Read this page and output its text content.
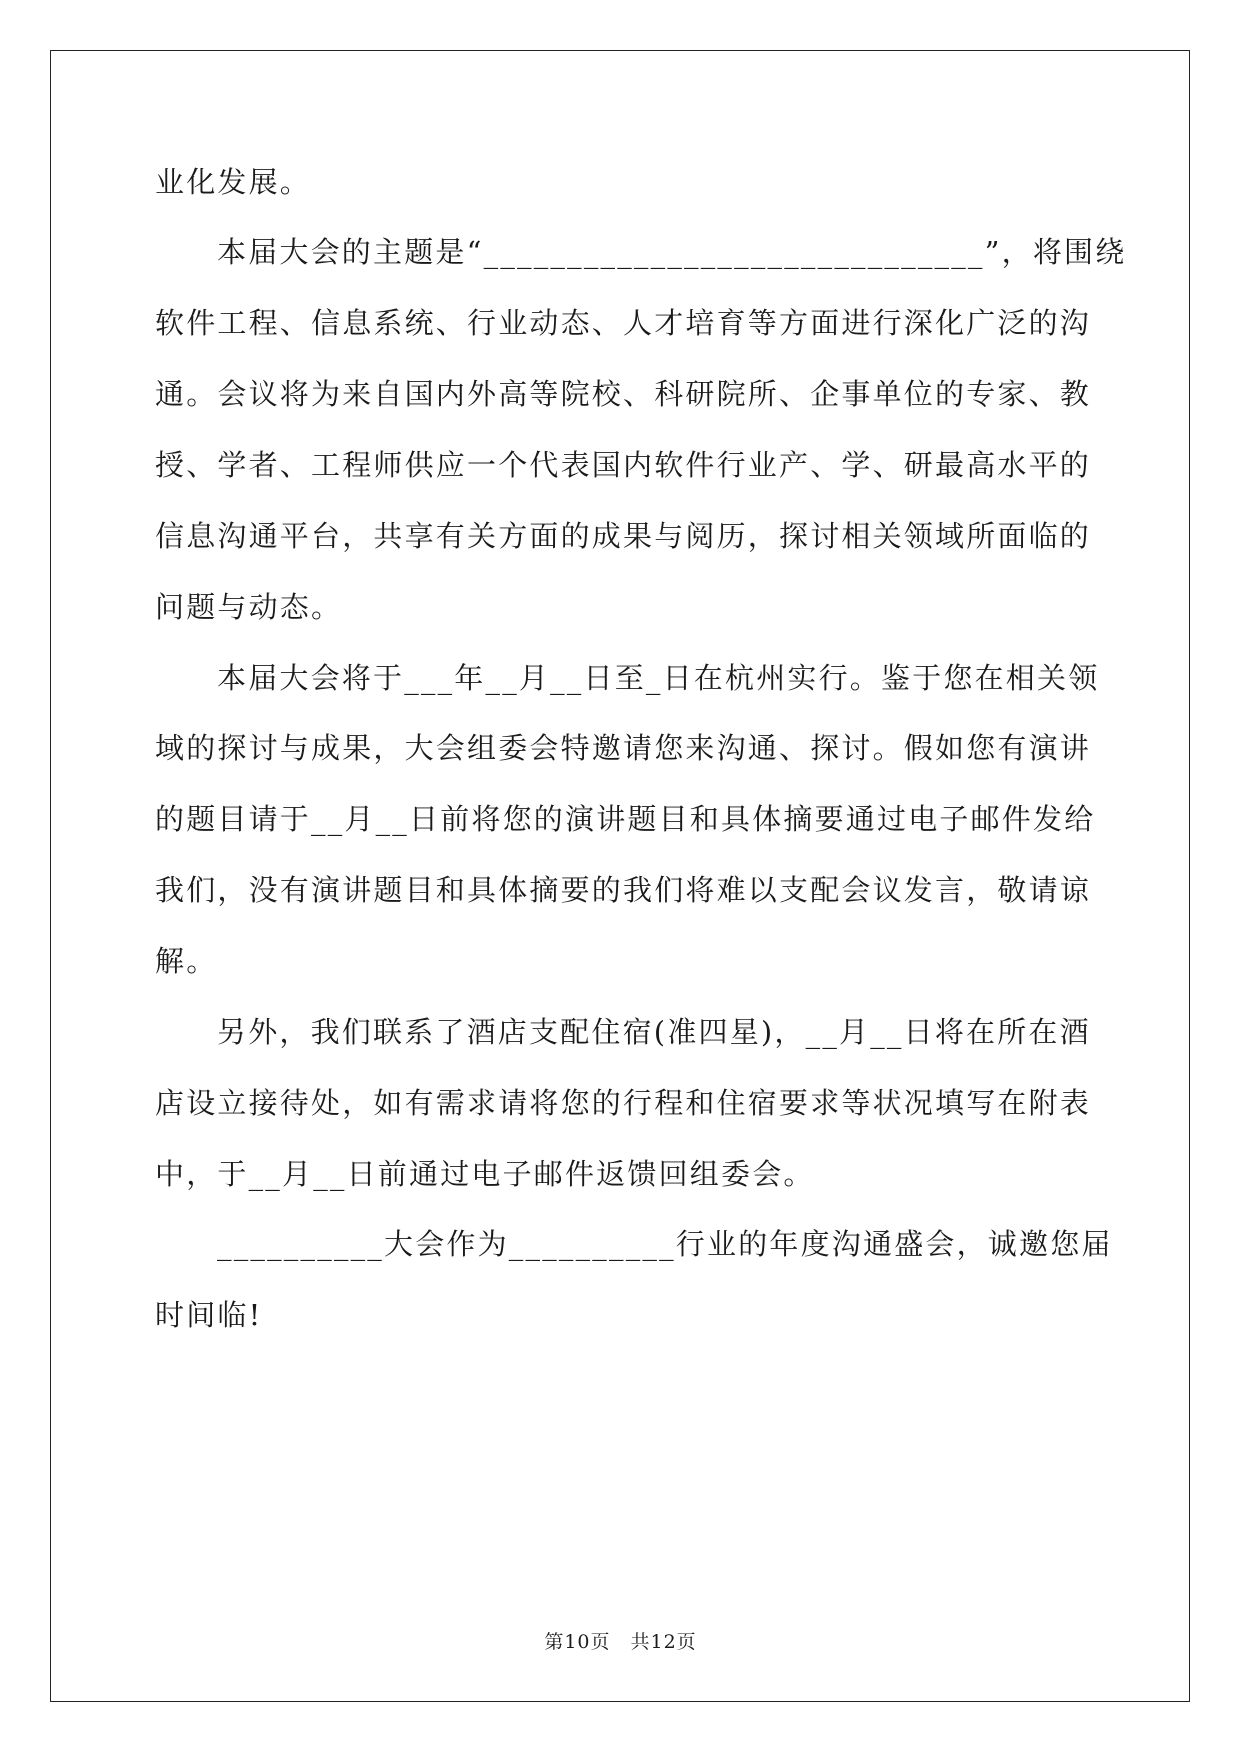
业化发展。
本届大会的主题是“______________________________”，将围绕
软件工程、信息系统、行业动态、人才培育等方面进行深化广泛的沟
通。会议将为来自国内外高等院校、科研院所、企事单位的专家、教
授、学者、工程师供应一个代表国内软件行业产、学、研最高水平的
信息沟通平台，共享有关方面的成果与阅历，探讨相关领域所面临的
问题与动态。
本届大会将于___年__月__日至_日在杭州实行。鉴于您在相关领
域的探讨与成果，大会组委会特邀请您来沟通、探讨。假如您有演讲
的题目请于__月__日前将您的演讲题目和具体摘要通过电子邮件发给
我们，没有演讲题目和具体摘要的我们将难以支配会议发言，敬请谅
解。
另外，我们联系了酒店支配住宿(准四星)，__月__日将在所在酒
店设立接待处，如有需求请将您的行程和住宿要求等状况填写在附表
中，于__月__日前通过电子邮件返馈回组委会。
__________大会作为__________行业的年度沟通盛会，诚邀您届
时间临!
第10页　共12页
